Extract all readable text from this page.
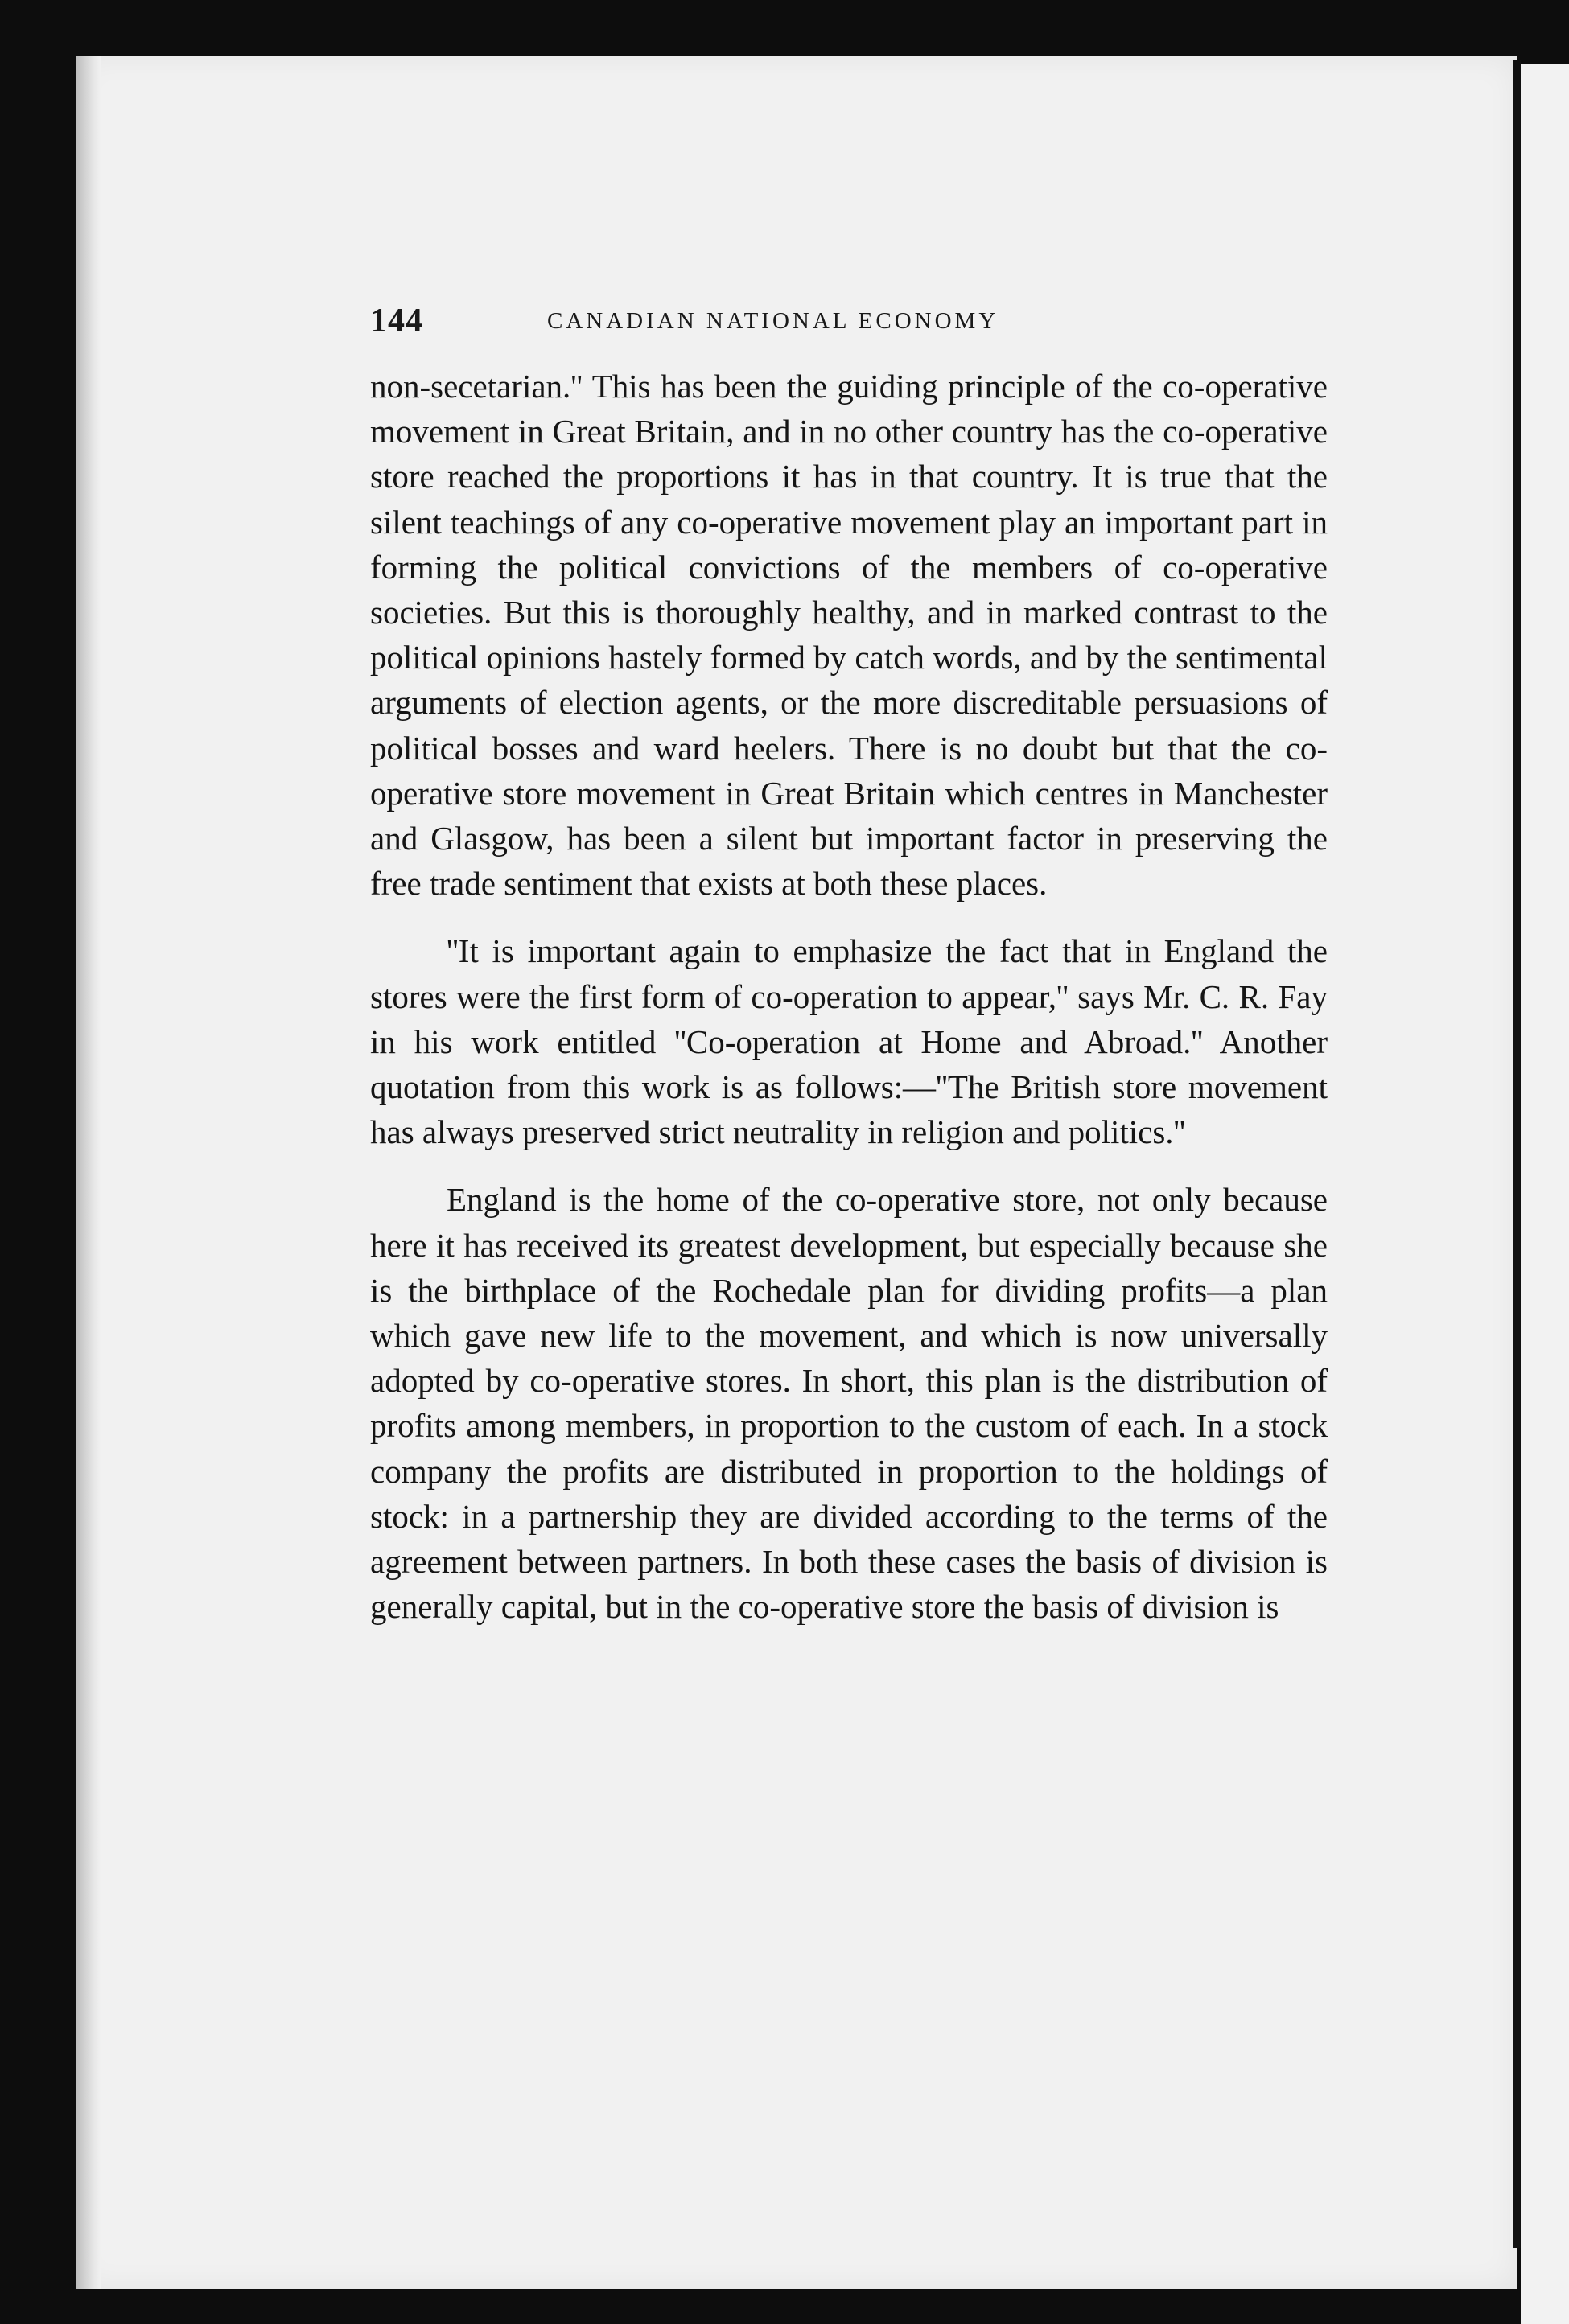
144	CANADIAN NATIONAL ECONOMY

non-secetarian.'' This has been the guiding principle of the co-operative movement in Great Britain, and in no other country has the co-operative store reached the proportions it has in that country. It is true that the silent teachings of any co-operative movement play an important part in forming the political convictions of the members of co-operative societies. But this is thoroughly healthy, and in marked contrast to the political opinions hastely formed by catch words, and by the sentimental arguments of election agents, or the more discreditable persuasions of political bosses and ward heelers. There is no doubt but that the co-operative store movement in Great Britain which centres in Manchester and Glasgow, has been a silent but important factor in preserving the free trade sentiment that exists at both these places.

''It is important again to emphasize the fact that in England the stores were the first form of co-operation to appear,'' says Mr. C. R. Fay in his work entitled ''Co-operation at Home and Abroad.'' Another quotation from this work is as follows:—''The British store movement has always preserved strict neutrality in religion and politics.''

England is the home of the co-operative store, not only because here it has received its greatest development, but especially because she is the birthplace of the Rochedale plan for dividing profits—a plan which gave new life to the movement, and which is now universally adopted by co-operative stores. In short, this plan is the distribution of profits among members, in proportion to the custom of each. In a stock company the profits are distributed in proportion to the holdings of stock: in a partnership they are divided according to the terms of the agreement between partners. In both these cases the basis of division is generally capital, but in the co-operative store the basis of division is
